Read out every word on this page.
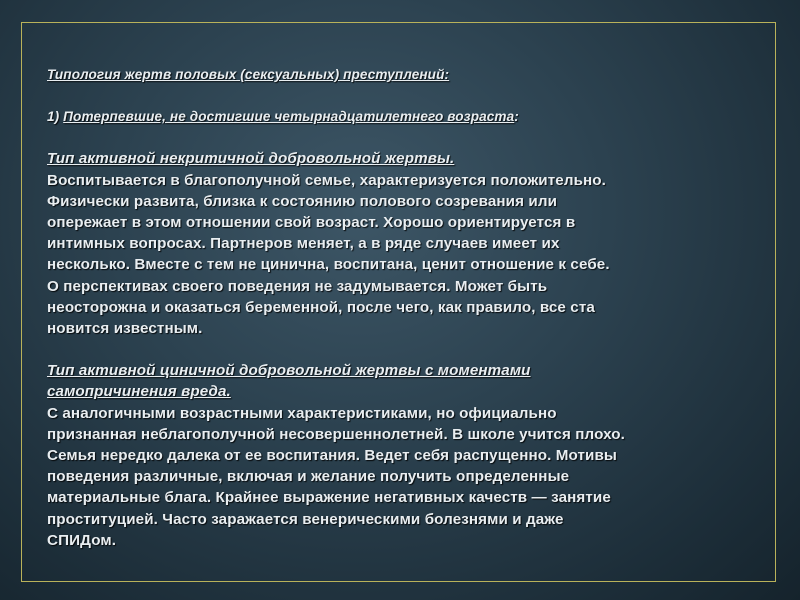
Типология жертв половых (сексуальных) преступлений:
1) Потерпевшие, не достигшие четырнадцатилетнего возраста:
Тип активной некритичной добровольной жертвы.
Воспитывается в благополучной семье, характеризуется положительно.
Физически развита, близка к состоянию полового созревания или
опережает в этом отношении свой возраст. Хорошо ориентируется в
интимных вопросах. Партнеров меняет, а в ряде случаев имеет их
несколько. Вместе с тем не цинична, воспитана, ценит отношение к себе.
О перспективах своего поведения не задумывается. Может быть
неосторожна и оказаться беременной, после чего, как правило, все ста
новится известным.
Тип активной циничной добровольной жертвы с моментами
самопричинения вреда.
С аналогичными возрастными характеристиками, но официально
признанная неблагополучной несовершеннолетней. В школе учится плохо.
Семья нередко далека от ее воспитания. Ведет себя распущенно. Мотивы
поведения различные, включая и желание получить определенные
материальные блага. Крайнее выражение негативных качеств — занятие
проституцией. Часто заражается венерическими болезнями и даже
СПИДом.
